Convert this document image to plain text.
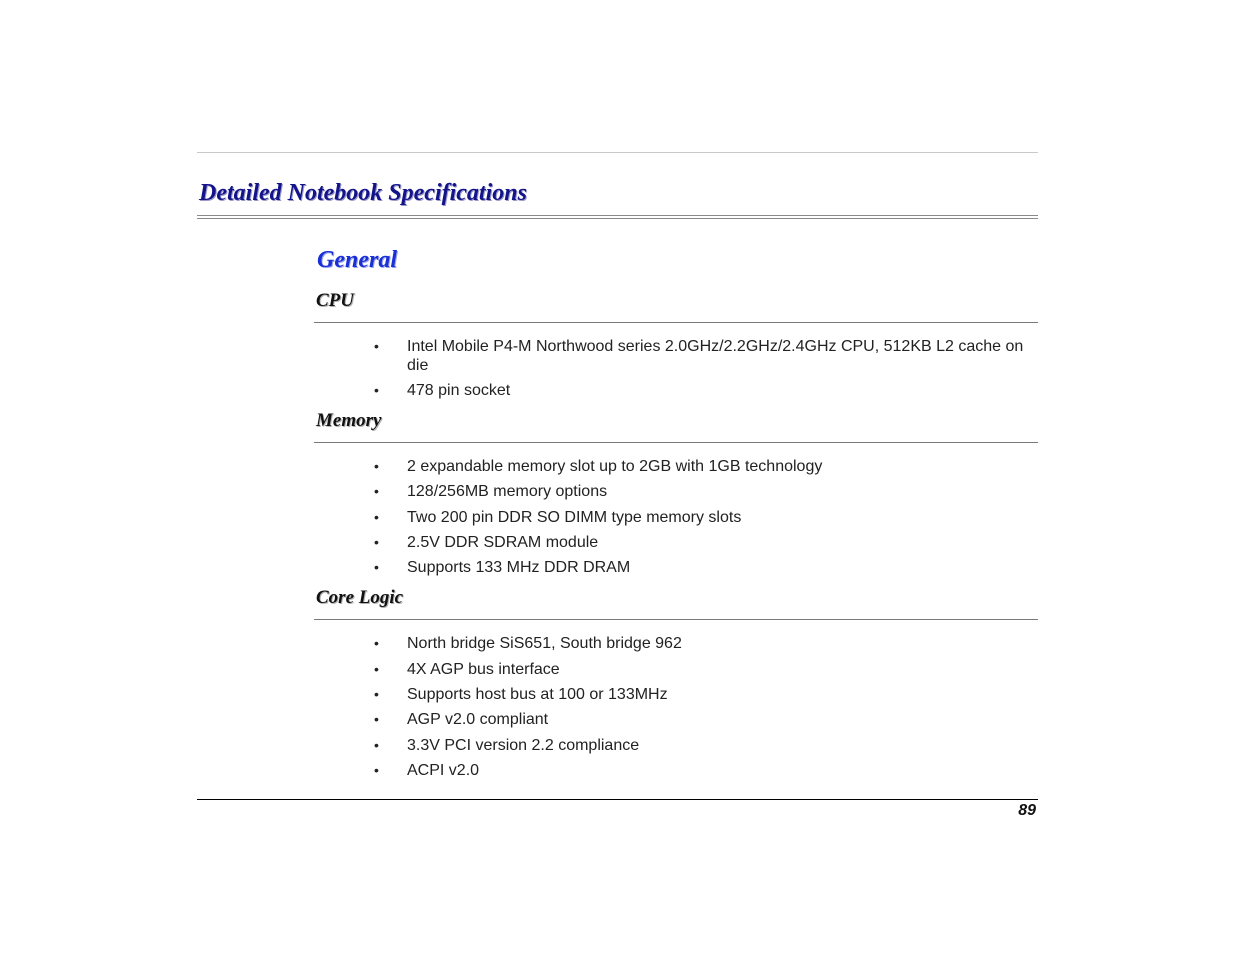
Detailed Notebook Specifications
General
CPU
• Intel Mobile P4-M Northwood series 2.0GHz/2.2GHz/2.4GHz CPU, 512KB L2 cache on die
• 478 pin socket
Memory
• 2 expandable memory slot up to 2GB with 1GB technology
• 128/256MB memory options
• Two 200 pin DDR SO DIMM type memory slots
• 2.5V DDR SDRAM module
• Supports 133 MHz DDR DRAM
Core Logic
• North bridge SiS651, South bridge 962
• 4X AGP bus interface
• Supports host bus at 100 or 133MHz
• AGP v2.0 compliant
• 3.3V PCI version 2.2 compliance
• ACPI v2.0
89
